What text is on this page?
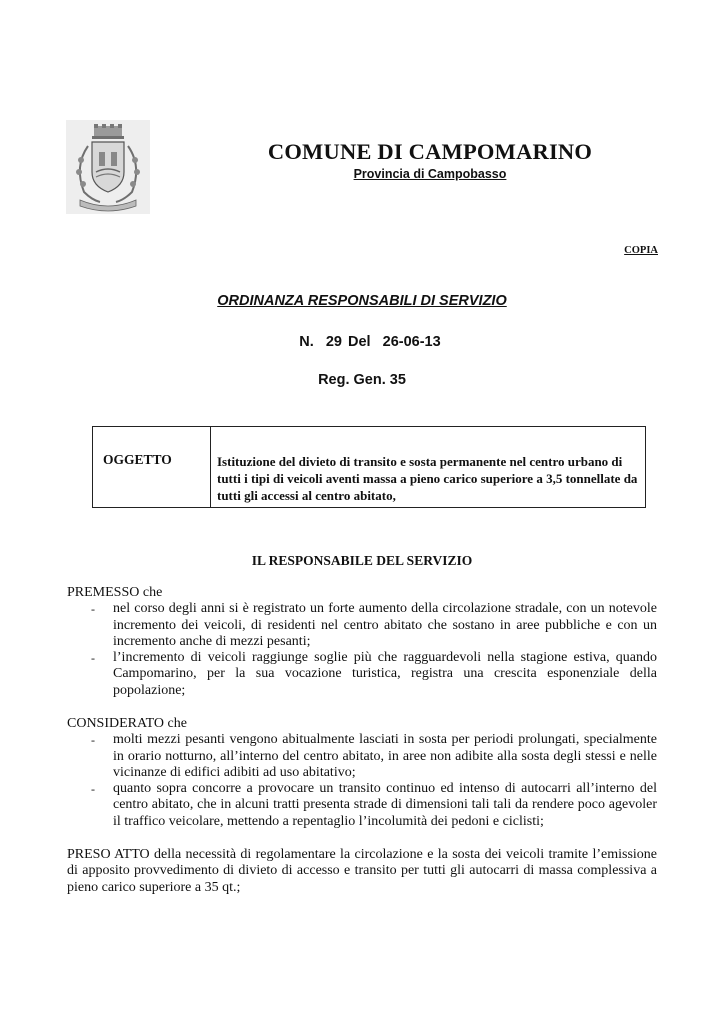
COMUNE DI CAMPOMARINO
Provincia di Campobasso
COPIA
ORDINANZA RESPONSABILI DI SERVIZIO
N.  29 Del  26-06-13
Reg. Gen. 35
OGGETTO	Istituzione del divieto di transito e sosta permanente nel centro urbano di tutti i tipi di veicoli aventi massa a pieno carico superiore a 3,5 tonnellate da tutti gli accessi al centro abitato,
IL RESPONSABILE DEL SERVIZIO
PREMESSO che
- nel corso degli anni si è registrato un forte aumento della circolazione stradale, con un notevole incremento dei veicoli, di residenti nel centro abitato che sostano in aree pubbliche e con un incremento anche di mezzi pesanti;
- l’incremento di veicoli raggiunge soglie più che ragguardevoli nella stagione estiva, quando Campomarino, per la sua vocazione turistica, registra una crescita esponenziale della popolazione;
CONSIDERATO che
- molti mezzi pesanti vengono abitualmente lasciati in sosta per periodi prolungati, specialmente in orario notturno, all’interno del centro abitato, in aree non adibite alla sosta degli stessi e nelle vicinanze di edifici adibiti ad uso abitativo;
- quanto sopra concorre a provocare un transito continuo ed intenso di autocarri all’interno del centro abitato, che in alcuni tratti presenta strade di dimensioni tali tali da rendere poco agevoler il traffico veicolare, mettendo a repentaglio l’incolumità dei pedoni e ciclisti;
PRESO ATTO della necessità di regolamentare la circolazione e la sosta dei veicoli tramite l’emissione di apposito provvedimento di divieto di accesso e transito per tutti gli autocarri di massa complessiva a pieno carico superiore a 35 qt.;
